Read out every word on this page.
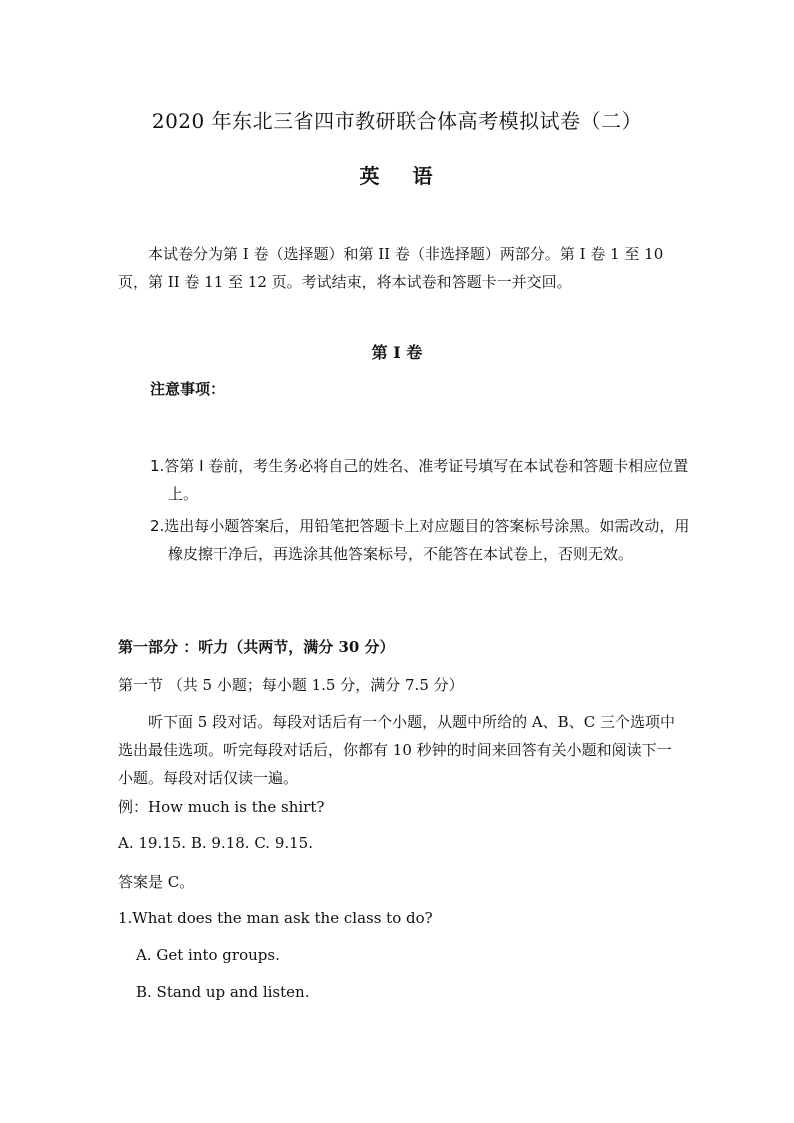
2020 年东北三省四市教研联合体高考模拟试卷（二）
英　 语
本试卷分为第 I 卷（选择题）和第 II 卷（非选择题）两部分。第 I 卷 1 至 10 页，第 II 卷 11 至 12 页。考试结束，将本试卷和答题卡一并交回。
第 I 卷
注意事项：
1.答第 I 卷前，考生务必将自己的姓名、准考证号填写在本试卷和答题卡相应位置上。
2.选出每小题答案后，用铅笔把答题卡上对应题目的答案标号涂黑。如需改动，用橡皮擦干净后，再选涂其他答案标号，不能答在本试卷上，否则无效。
第一部分 ：听力（共两节，满分 30 分）
第一节 （共 5 小题；每小题 1.5 分，满分 7.5 分）
听下面 5 段对话。每段对话后有一个小题，从题中所给的 A、B、C 三个选项中选出最佳选项。听完每段对话后，你都有 10 秒钟的时间来回答有关小题和阅读下一小题。每段对话仅读一遍。
例：How much is the shirt?
A. 19.15. B. 9.18. C. 9.15.
答案是 C。
1.What does the man ask the class to do?
A. Get into groups.
B. Stand up and listen.
